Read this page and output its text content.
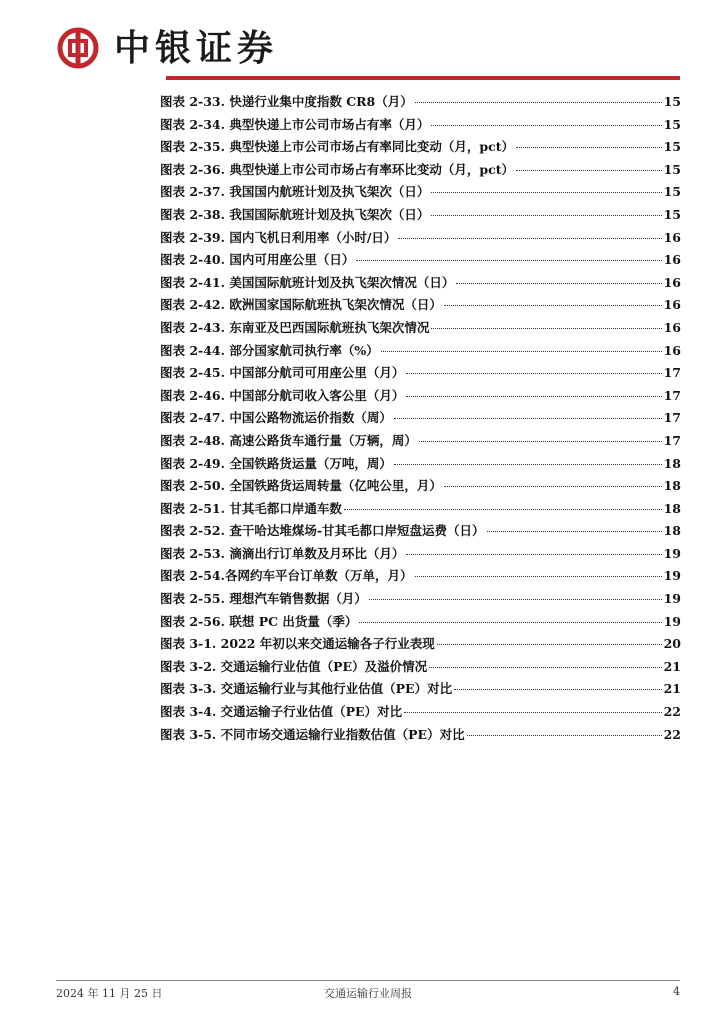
中银证券
图表 2-33. 快递行业集中度指数 CR8（月）	15
图表 2-34. 典型快递上市公司市场占有率（月）	15
图表 2-35. 典型快递上市公司市场占有率同比变动（月，pct）	15
图表 2-36. 典型快递上市公司市场占有率环比变动（月，pct）	15
图表 2-37. 我国国内航班计划及执飞架次（日）	15
图表 2-38. 我国国际航班计划及执飞架次（日）	15
图表 2-39. 国内飞机日利用率（小时/日）	16
图表 2-40. 国内可用座公里（日）	16
图表 2-41. 美国国际航班计划及执飞架次情况（日）	16
图表 2-42. 欧洲国家国际航班执飞架次情况（日）	16
图表 2-43. 东南亚及巴西国际航班执飞架次情况	16
图表 2-44. 部分国家航司执行率（%）	16
图表 2-45. 中国部分航司可用座公里（月）	17
图表 2-46. 中国部分航司收入客公里（月）	17
图表 2-47. 中国公路物流运价指数（周）	17
图表 2-48. 高速公路货车通行量（万辆，周）	17
图表 2-49. 全国铁路货运量（万吨，周）	18
图表 2-50. 全国铁路货运周转量（亿吨公里，月）	18
图表 2-51. 甘其毛都口岸通车数	18
图表 2-52. 查干哈达堆煤场-甘其毛都口岸短盘运费（日）	18
图表 2-53. 滴滴出行订单数及月环比（月）	19
图表 2-54.各网约车平台订单数（万单，月）	19
图表 2-55. 理想汽车销售数据（月）	19
图表 2-56. 联想 PC 出货量（季）	19
图表 3-1. 2022 年初以来交通运输各子行业表现	20
图表 3-2. 交通运输行业估值（PE）及溢价情况	21
图表 3-3. 交通运输行业与其他行业估值（PE）对比	21
图表 3-4. 交通运输子行业估值（PE）对比	22
图表 3-5. 不同市场交通运输行业指数估值（PE）对比	22
2024 年 11 月 25 日	交通运输行业周报	4
